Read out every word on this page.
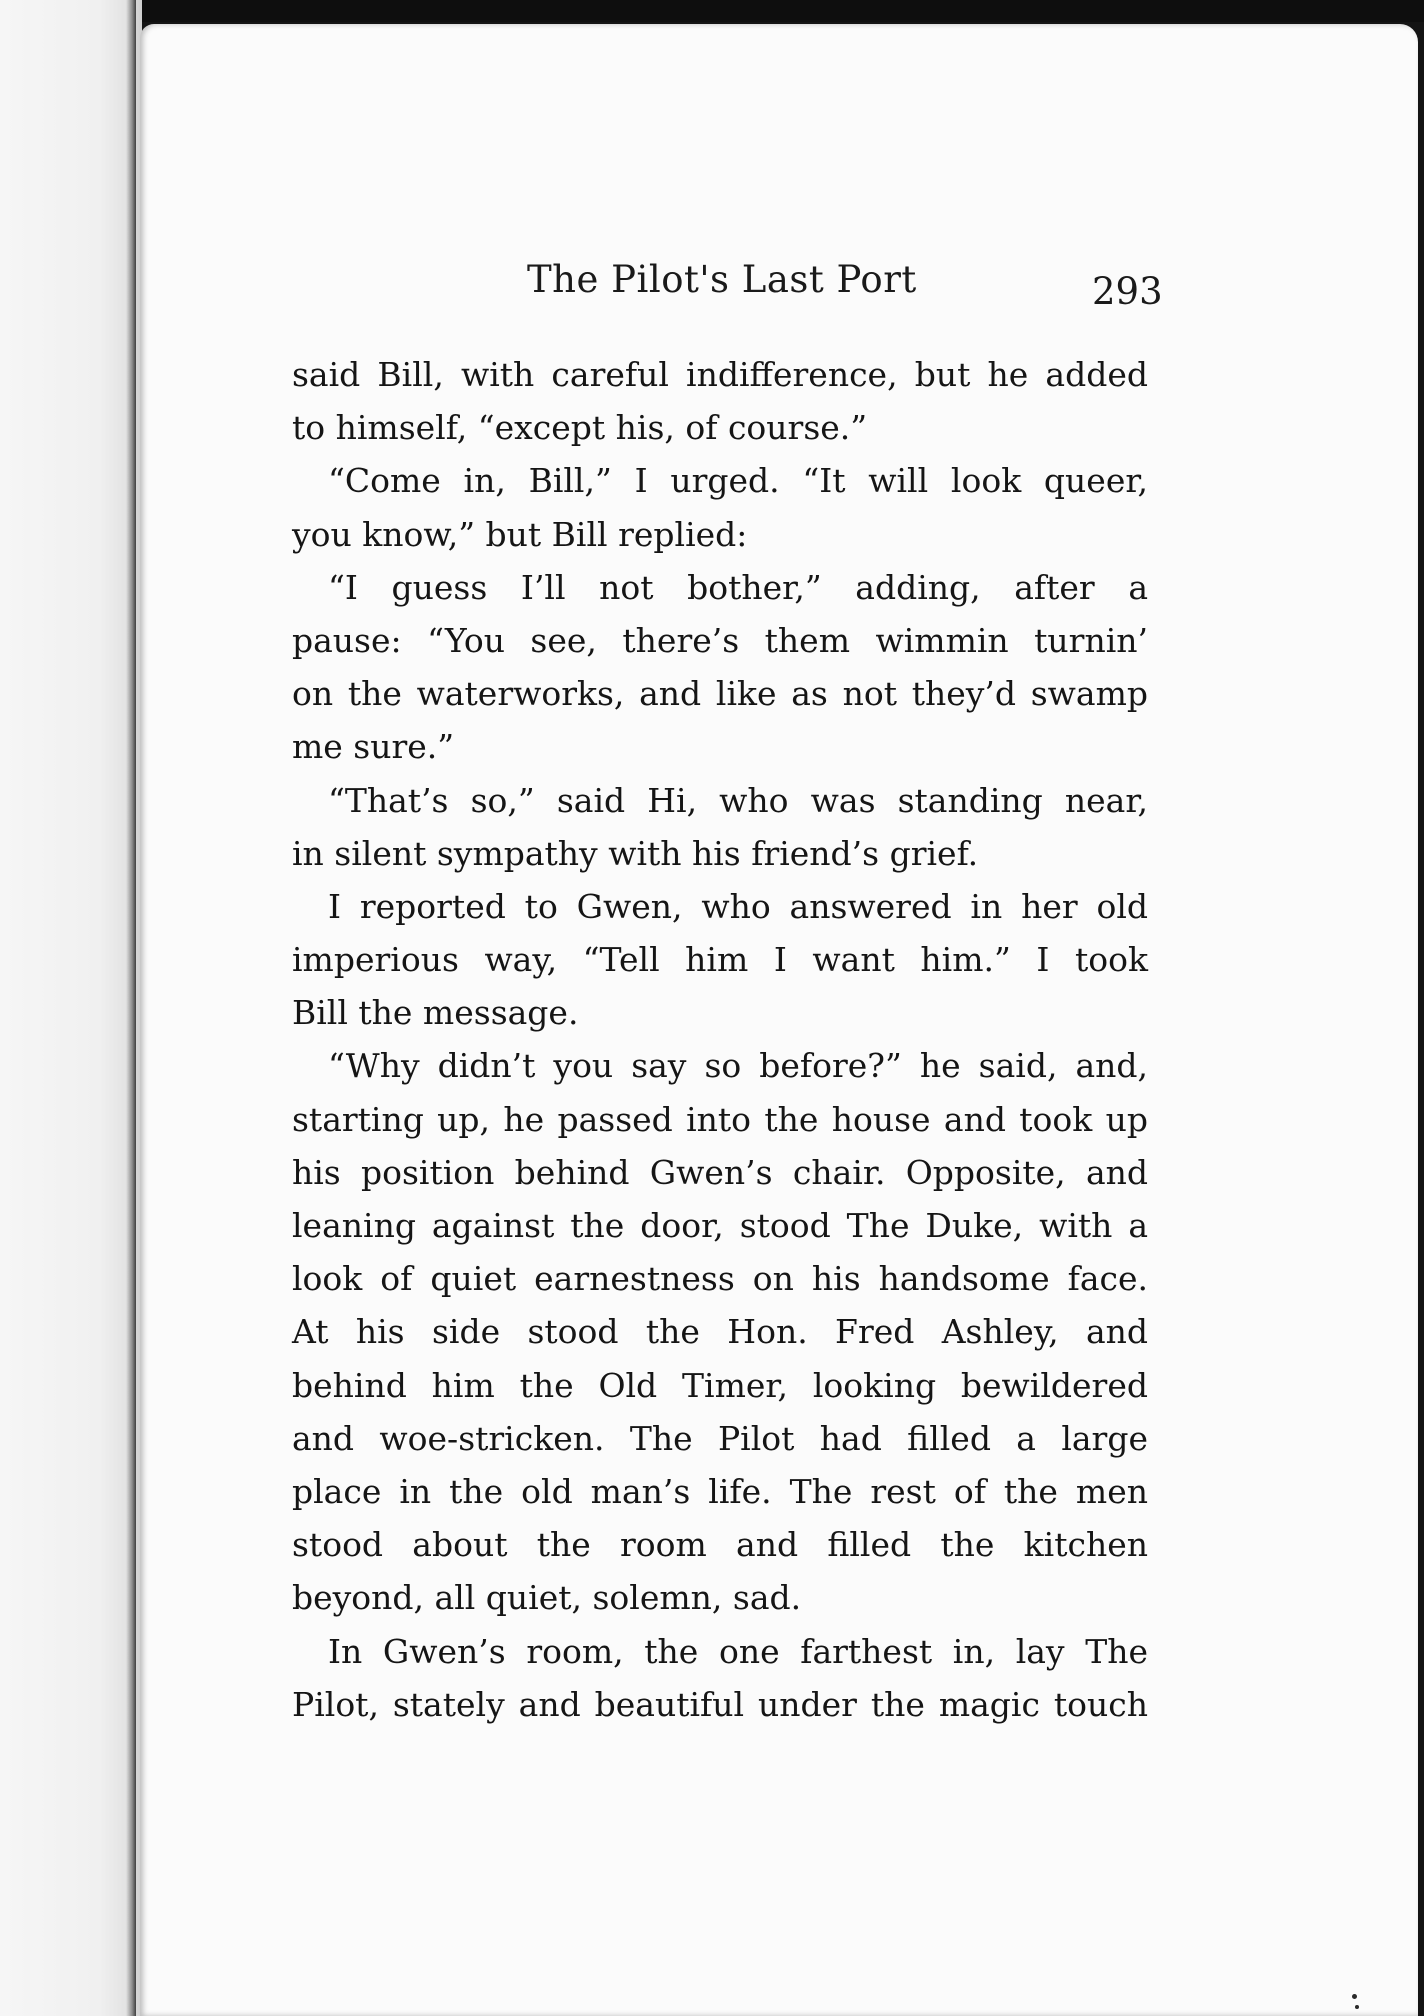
The Pilot's Last Port	293
said Bill, with careful indifference, but he added
to himself, “except his, of course.”
“Come in, Bill,” I urged. “It will look queer,
you know,” but Bill replied:
“I guess I’ll not bother,” adding, after a
pause: “You see, there’s them wimmin turnin’
on the waterworks, and like as not they’d swamp
me sure.”
“That’s so,” said Hi, who was standing near,
in silent sympathy with his friend’s grief.
I reported to Gwen, who answered in her old
imperious way, “Tell him I want him.” I took
Bill the message.
“Why didn’t you say so before?” he said, and,
starting up, he passed into the house and took up
his position behind Gwen’s chair. Opposite, and
leaning against the door, stood The Duke, with a
look of quiet earnestness on his handsome face.
At his side stood the Hon. Fred Ashley, and
behind him the Old Timer, looking bewildered
and woe-stricken. The Pilot had filled a large
place in the old man’s life. The rest of the men
stood about the room and filled the kitchen
beyond, all quiet, solemn, sad.
In Gwen’s room, the one farthest in, lay The
Pilot, stately and beautiful under the magic touch
